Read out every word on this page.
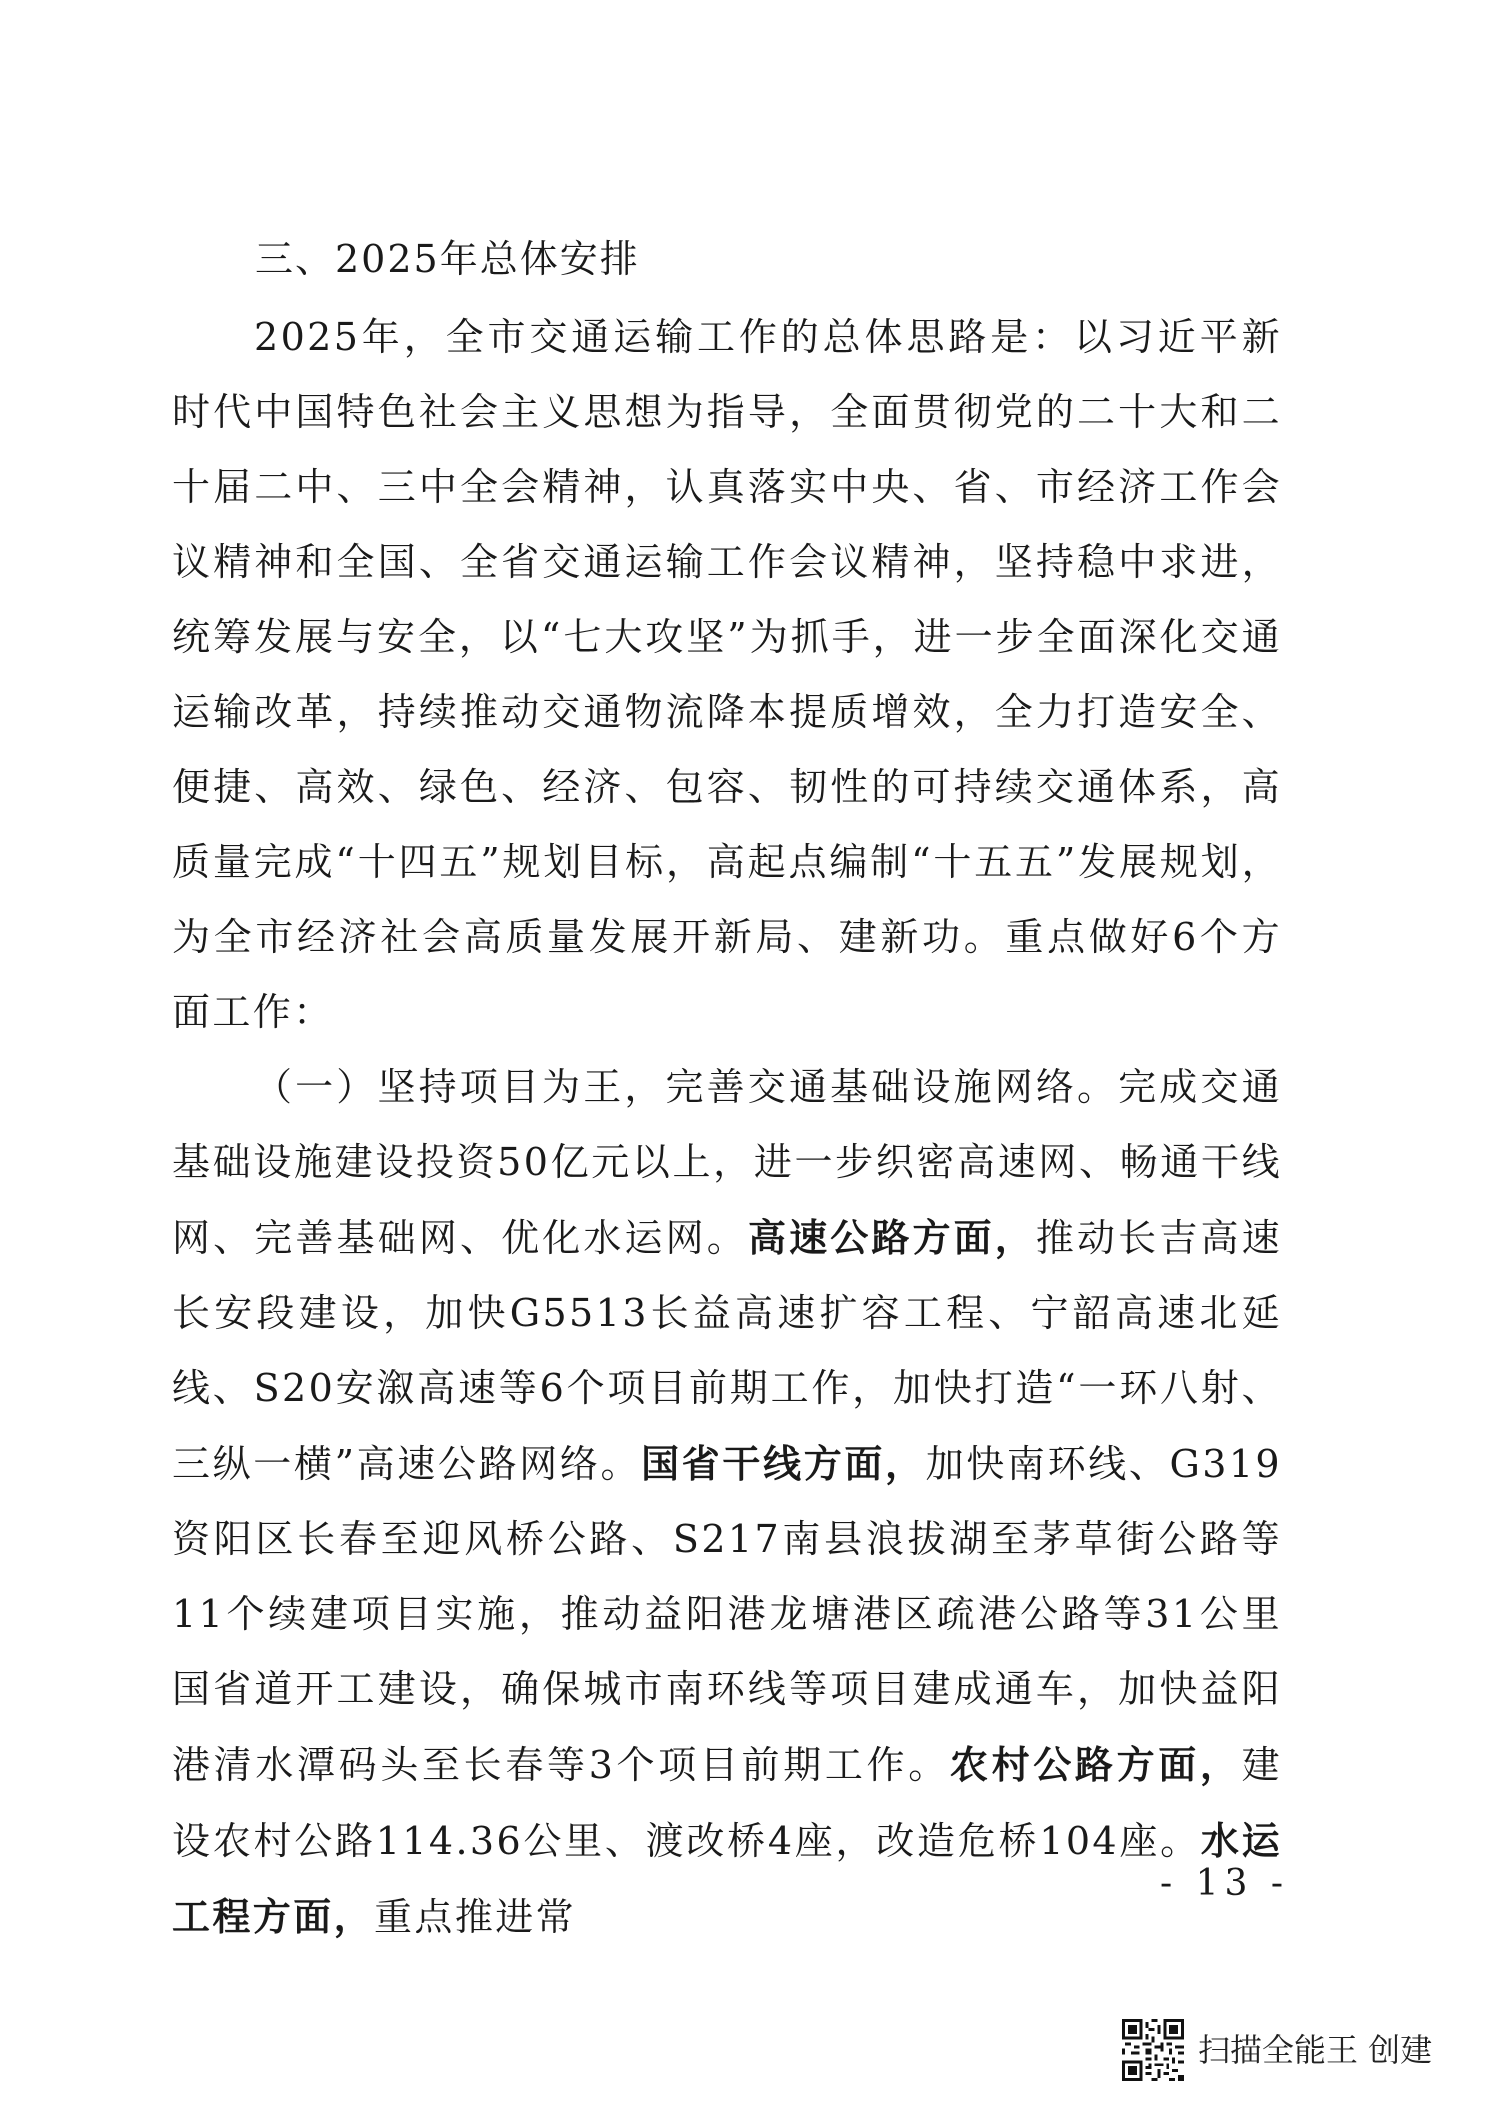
三、2025年总体安排

2025年，全市交通运输工作的总体思路是：以习近平新时代中国特色社会主义思想为指导，全面贯彻党的二十大和二十届二中、三中全会精神，认真落实中央、省、市经济工作会议精神和全国、全省交通运输工作会议精神，坚持稳中求进，统筹发展与安全，以“七大攻坚”为抓手，进一步全面深化交通运输改革，持续推动交通物流降本提质增效，全力打造安全、便捷、高效、绿色、经济、包容、韧性的可持续交通体系，高质量完成“十四五”规划目标，高起点编制“十五五”发展规划，为全市经济社会高质量发展开新局、建新功。重点做好6个方面工作：

（一）坚持项目为王，完善交通基础设施网络。完成交通基础设施建设投资50亿元以上，进一步织密高速网、畅通干线网、完善基础网、优化水运网。高速公路方面，推动长吉高速长安段建设，加快G5513长益高速扩容工程、宁韶高速北延线、S20安溆高速等6个项目前期工作，加快打造“一环八射、三纵一横”高速公路网络。国省干线方面，加快南环线、G319资阳区长春至迎风桥公路、S217南县浪拔湖至茅草街公路等11个续建项目实施，推动益阳港龙塘港区疏港公路等31公里国省道开工建设，确保城市南环线等项目建成通车，加快益阳港清水潭码头至长春等3个项目前期工作。农村公路方面，建设农村公路114.36公里、渡改桥4座，改造危桥104座。水运工程方面，重点推进常

- 13 -
扫描全能王 创建
